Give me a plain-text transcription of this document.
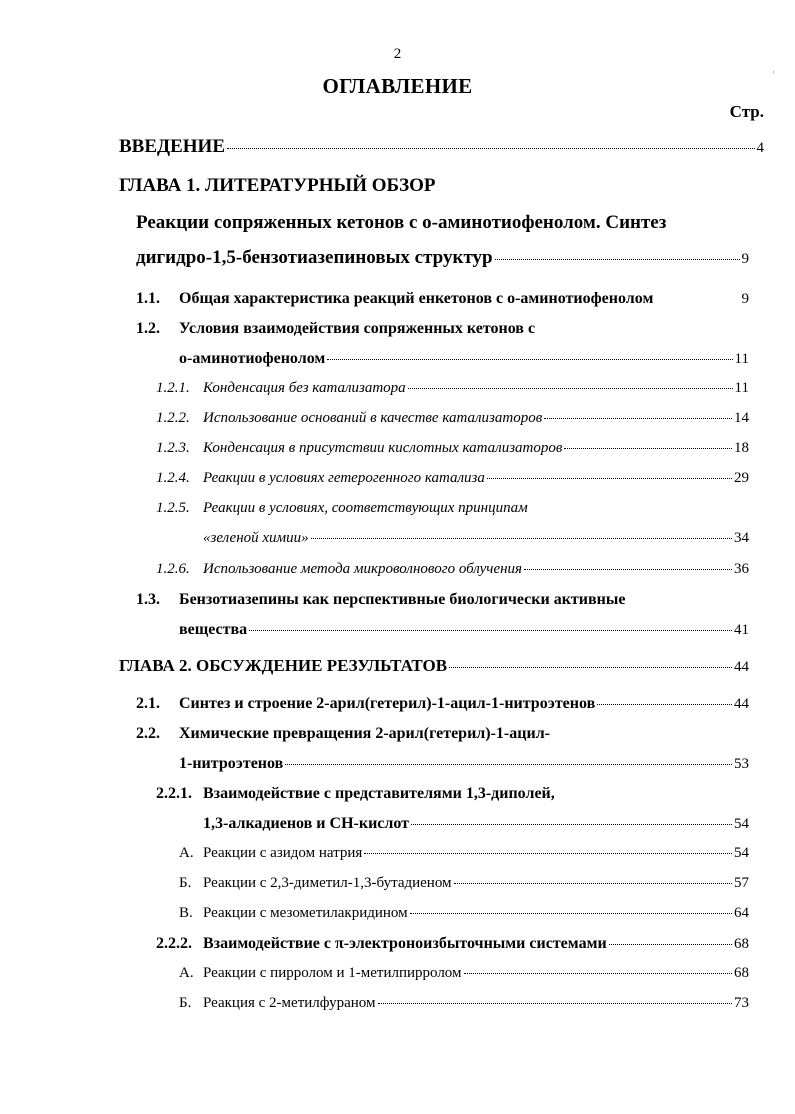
2
ОГЛАВЛЕНИЕ	`
Стр.
ВВЕДЕНИЕ	4
ГЛАВА 1. ЛИТЕРАТУРНЫЙ ОБЗОР
Реакции сопряженных кетонов с о-аминотиофенолом. Синтез
дигидро-1,5-бензотиазепиновых структур	9
1.1.	Общая характеристика реакций енкетонов с о-аминотиофенолом	9
1.2.	Условия взаимодействия сопряженных кетонов с
о-аминотиофенолом	11
1.2.1. Конденсация без катализатора	11
1.2.2. Использование оснований в качестве катализаторов	14
1.2.3. Конденсация в присутствии кислотных катализаторов	18
1.2.4. Реакции в условиях гетерогенного катализа	29
1.2.5. Реакции в условиях, соответствующих принципам
«зеленой химии»	34
1.2.6. Использование метода микроволнового облучения	36
1.3.	Бензотиазепины как перспективные биологически активные
вещества	41
ГЛАВА 2. ОБСУЖДЕНИЕ РЕЗУЛЬТАТОВ	44
2.1.	Синтез и строение 2-арил(гетерил)-1-ацил-1-нитроэтенов	44
2.2.	Химические превращения 2-арил(гетерил)-1-ацил-
1-нитроэтенов	53
2.2.1. Взаимодействие с представителями 1,3-диполей,
1,3-алкадиенов и СН-кислот	54
А. Реакции с азидом натрия	54
Б. Реакции с 2,3-диметил-1,3-бутадиеном	57
В. Реакции с мезометилакридином	64
2.2.2. Взаимодействие с π-электроноизбыточными системами	68
А. Реакции с пирролом и 1-метилпирролом	68
Б. Реакция с 2-метилфураном	73
